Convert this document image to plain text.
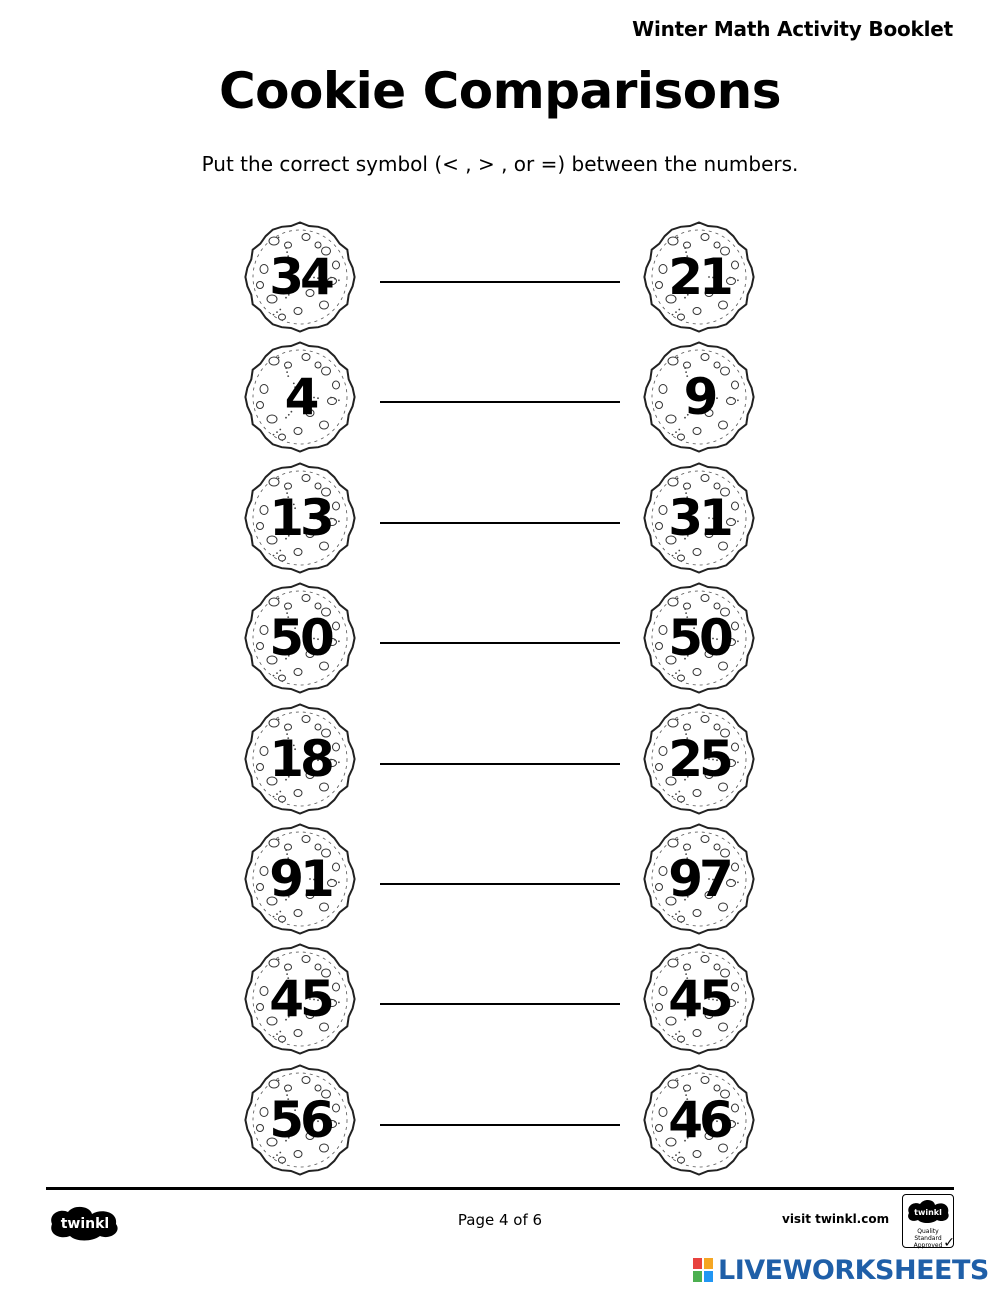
Winter Math Activity Booklet
Cookie Comparisons
Put the correct symbol (< , > , or =) between the numbers.
34	21
4	9
13	31
50	50
18	25
91	97
45	45
56	46
twinkl	Page 4 of 6	visit twinkl.com	twinkl
Quality Standard
Approved ✓
LIVEWORKSHEETS
